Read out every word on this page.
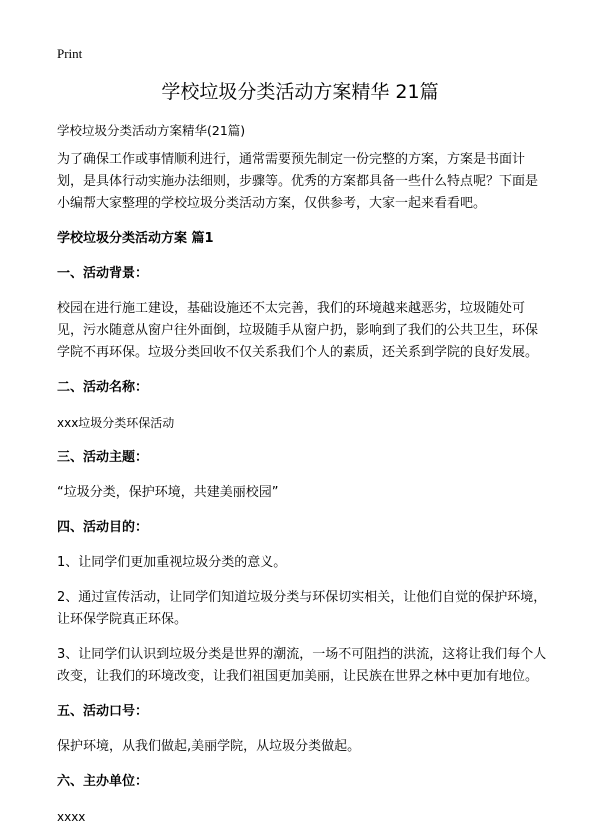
Print
学校垃圾分类活动方案精华 21篇

学校垃圾分类活动方案精华(21篇)

为了确保工作或事情顺利进行，通常需要预先制定一份完整的方案，方案是书面计划，是具体行动实施办法细则，步骤等。优秀的方案都具备一些什么特点呢？下面是小编帮大家整理的学校垃圾分类活动方案，仅供参考，大家一起来看看吧。

学校垃圾分类活动方案 篇1

一、活动背景：

校园在进行施工建设，基础设施还不太完善，我们的环境越来越恶劣，垃圾随处可见，污水随意从窗户往外面倒，垃圾随手从窗户扔，影响到了我们的公共卫生，环保学院不再环保。垃圾分类回收不仅关系我们个人的素质，还关系到学院的良好发展。

二、活动名称：

xxx垃圾分类环保活动

三、活动主题：

“垃圾分类，保护环境，共建美丽校园”

四、活动目的：

1、让同学们更加重视垃圾分类的意义。

2、通过宣传活动，让同学们知道垃圾分类与环保切实相关，让他们自觉的保护环境，让环保学院真正环保。

3、让同学们认识到垃圾分类是世界的潮流，一场不可阻挡的洪流，这将让我们每个人改变，让我们的环境改变，让我们祖国更加美丽，让民族在世界之林中更加有地位。

五、活动口号：

保护环境，从我们做起,美丽学院，从垃圾分类做起。

六、主办单位：

xxxx
